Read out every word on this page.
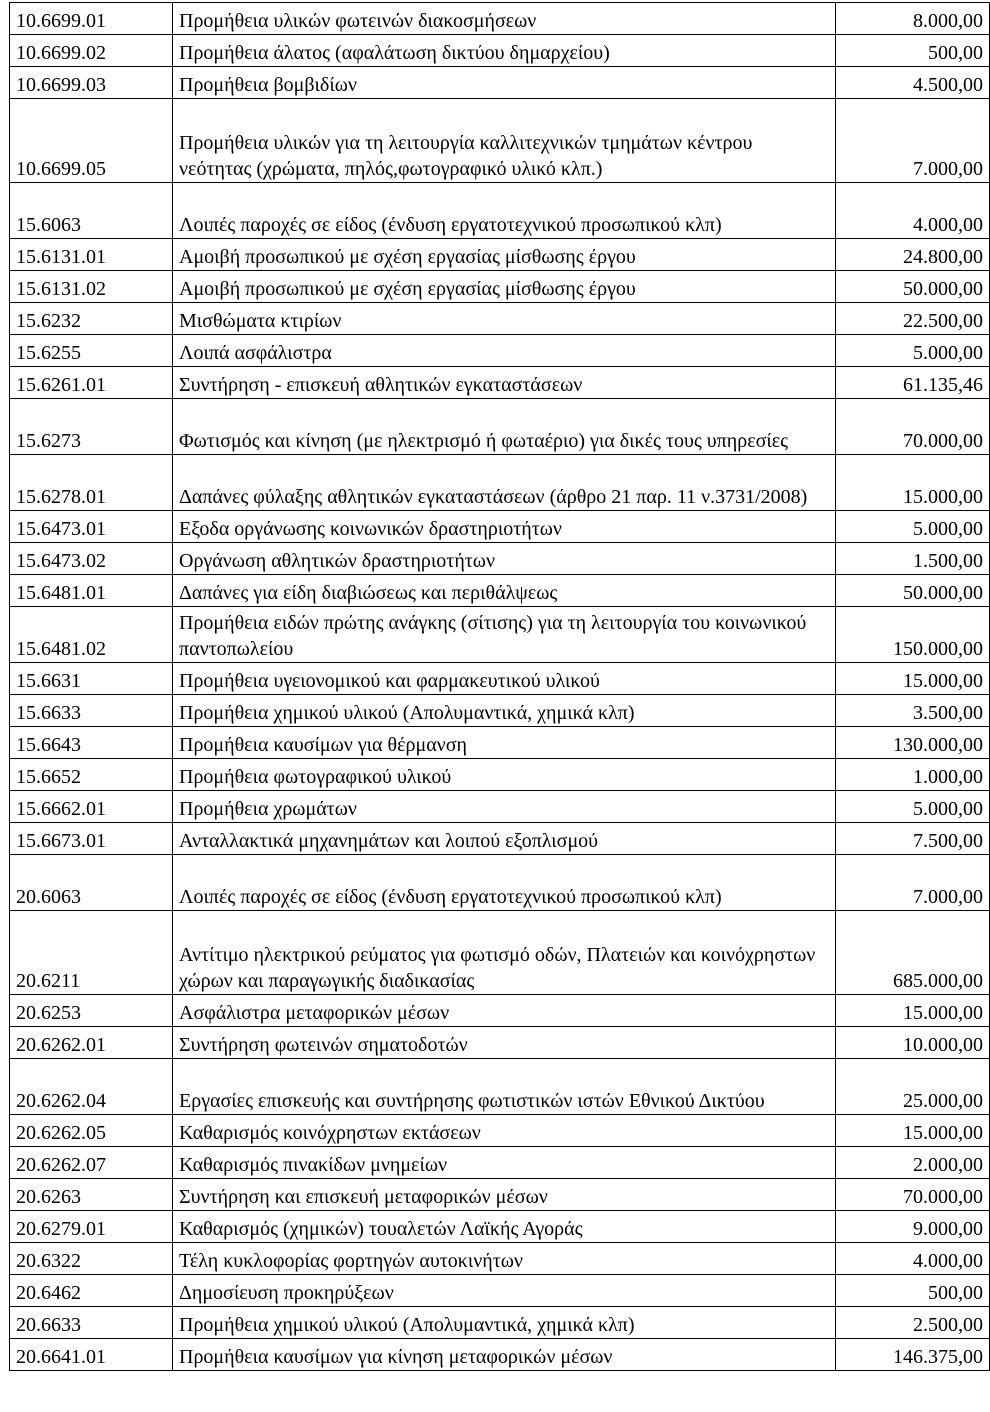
10.6699.01	Προμήθεια υλικών φωτεινών διακοσμήσεων	8.000,00
10.6699.02	Προμήθεια άλατος (αφαλάτωση δικτύου δημαρχείου)	500,00
10.6699.03	Προμήθεια βομβιδίων	4.500,00
10.6699.05	Προμήθεια υλικών για τη λειτουργία καλλιτεχνικών τμημάτων κέντρου νεότητας (χρώματα, πηλός,φωτογραφικό υλικό κλπ.)	7.000,00
15.6063	Λοιπές παροχές σε είδος (ένδυση εργατοτεχνικού προσωπικού κλπ)	4.000,00
15.6131.01	Αμοιβή προσωπικού με σχέση εργασίας μίσθωσης έργου	24.800,00
15.6131.02	Αμοιβή προσωπικού με σχέση εργασίας μίσθωσης έργου	50.000,00
15.6232	Μισθώματα κτιρίων	22.500,00
15.6255	Λοιπά ασφάλιστρα	5.000,00
15.6261.01	Συντήρηση - επισκευή αθλητικών εγκαταστάσεων	61.135,46
15.6273	Φωτισμός και κίνηση (με ηλεκτρισμό ή φωταέριο) για δικές τους υπηρεσίες	70.000,00
15.6278.01	Δαπάνες φύλαξης αθλητικών εγκαταστάσεων (άρθρο 21 παρ. 11 ν.3731/2008)	15.000,00
15.6473.01	Εξοδα οργάνωσης κοινωνικών δραστηριοτήτων	5.000,00
15.6473.02	Οργάνωση αθλητικών δραστηριοτήτων	1.500,00
15.6481.01	Δαπάνες για είδη διαβιώσεως και περιθάλψεως	50.000,00
15.6481.02	Προμήθεια ειδών πρώτης ανάγκης (σίτισης) για τη λειτουργία του κοινωνικού παντοπωλείου	150.000,00
15.6631	Προμήθεια υγειονομικού και φαρμακευτικού υλικού	15.000,00
15.6633	Προμήθεια χημικού υλικού (Απολυμαντικά, χημικά κλπ)	3.500,00
15.6643	Προμήθεια καυσίμων για θέρμανση	130.000,00
15.6652	Προμήθεια φωτογραφικού υλικού	1.000,00
15.6662.01	Προμήθεια χρωμάτων	5.000,00
15.6673.01	Ανταλλακτικά μηχανημάτων και λοιπού εξοπλισμού	7.500,00
20.6063	Λοιπές παροχές σε είδος (ένδυση εργατοτεχνικού προσωπικού κλπ)	7.000,00
20.6211	Αντίτιμο ηλεκτρικού ρεύματος για φωτισμό οδών, Πλατειών και κοινόχρηστων χώρων και παραγωγικής διαδικασίας	685.000,00
20.6253	Ασφάλιστρα μεταφορικών μέσων	15.000,00
20.6262.01	Συντήρηση φωτεινών σηματοδοτών	10.000,00
20.6262.04	Εργασίες επισκευής και συντήρησης φωτιστικών ιστών Εθνικού Δικτύου	25.000,00
20.6262.05	Καθαρισμός κοινόχρηστων εκτάσεων	15.000,00
20.6262.07	Καθαρισμός πινακίδων μνημείων	2.000,00
20.6263	Συντήρηση και επισκευή μεταφορικών μέσων	70.000,00
20.6279.01	Καθαρισμός (χημικών) τουαλετών Λαϊκής Αγοράς	9.000,00
20.6322	Τέλη κυκλοφορίας φορτηγών αυτοκινήτων	4.000,00
20.6462	Δημοσίευση προκηρύξεων	500,00
20.6633	Προμήθεια χημικού υλικού (Απολυμαντικά, χημικά κλπ)	2.500,00
20.6641.01	Προμήθεια καυσίμων για κίνηση μεταφορικών μέσων	146.375,00
